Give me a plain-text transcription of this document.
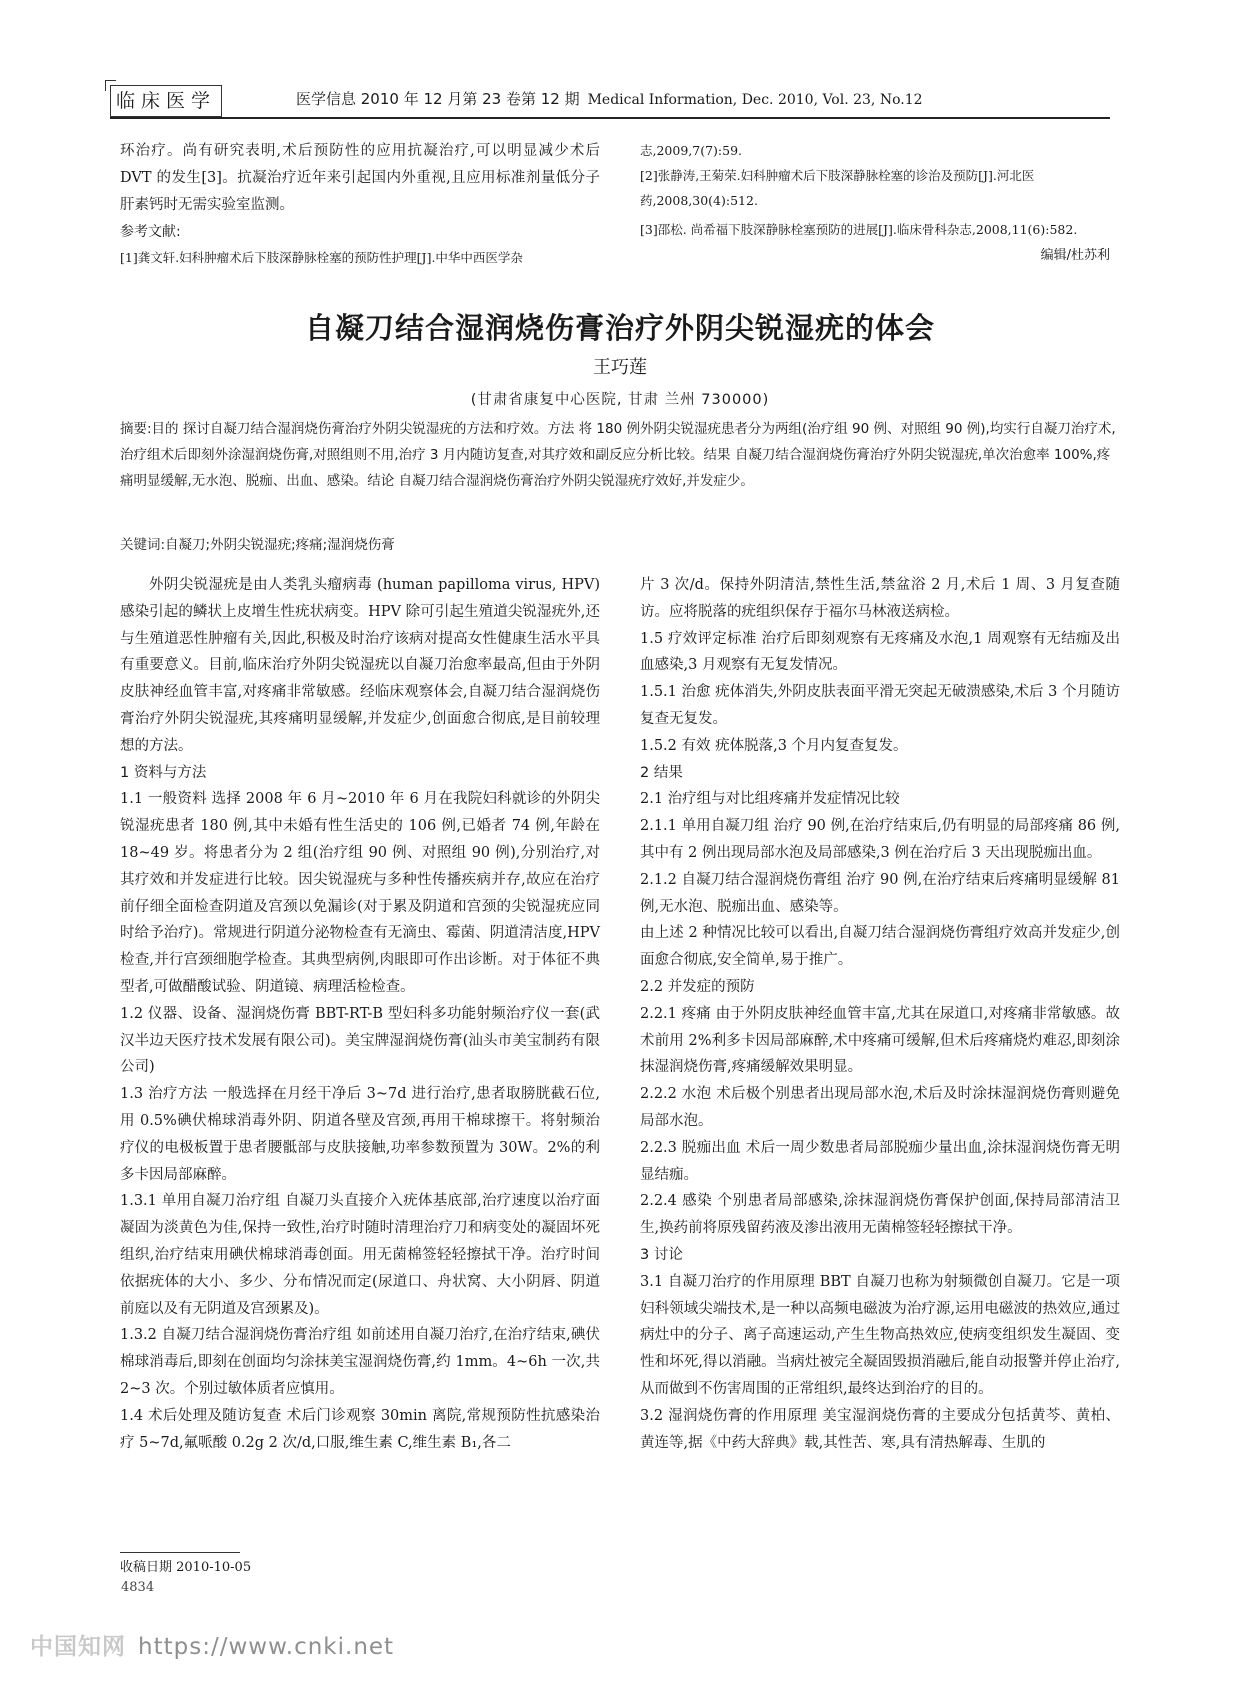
临床医学	医学信息 2010 年 12 月第 23 卷第 12 期 Medical Information, Dec. 2010, Vol. 23, No.12

环治疗。尚有研究表明,术后预防性的应用抗凝治疗,可以明显减少术后 DVT 的发生[3]。抗凝治疗近年来引起国内外重视,且应用标准剂量低分子肝素钙时无需实验室监测。

参考文献:
[1]龚文轩.妇科肿瘤术后下肢深静脉栓塞的预防性护理[J].中华中西医学杂
志,2009,7(7):59.
[2]张静涛,王菊荣.妇科肿瘤术后下肢深静脉栓塞的诊治及预防[J].河北医药,2008,30(4):512.
[3]邵松. 尚希福下肢深静脉栓塞预防的进展[J].临床骨科杂志,2008,11(6):582.
编辑/杜苏利
自凝刀结合湿润烧伤膏治疗外阴尖锐湿疣的体会
王巧莲
(甘肃省康复中心医院, 甘肃 兰州 730000)
摘要:目的 探讨自凝刀结合湿润烧伤膏治疗外阴尖锐湿疣的方法和疗效。方法 将 180 例外阴尖锐湿疣患者分为两组(治疗组 90 例、对照组 90 例),均实行自凝刀治疗术,治疗组术后即刻外涂湿润烧伤膏,对照组则不用,治疗 3 月内随访复查,对其疗效和副反应分析比较。结果 自凝刀结合湿润烧伤膏治疗外阴尖锐湿疣,单次治愈率 100%,疼痛明显缓解,无水泡、脱痂、出血、感染。结论 自凝刀结合湿润烧伤膏治疗外阴尖锐湿疣疗效好,并发症少。
关键词:自凝刀;外阴尖锐湿疣;疼痛;湿润烧伤膏

外阴尖锐湿疣是由人类乳头瘤病毒 (human papilloma virus, HPV)感染引起的鳞状上皮增生性疣状病变。HPV 除可引起生殖道尖锐湿疣外,还与生殖道恶性肿瘤有关,因此,积极及时治疗该病对提高女性健康生活水平具有重要意义。目前,临床治疗外阴尖锐湿疣以自凝刀治愈率最高,但由于外阴皮肤神经血管丰富,对疼痛非常敏感。经临床观察体会,自凝刀结合湿润烧伤膏治疗外阴尖锐湿疣,其疼痛明显缓解,并发症少,创面愈合彻底,是目前较理想的方法。

1 资料与方法

1.1 一般资料 选择 2008 年 6 月~2010 年 6 月在我院妇科就诊的外阴尖锐湿疣患者 180 例,其中未婚有性生活史的 106 例,已婚者 74 例,年龄在 18~49 岁。将患者分为 2 组(治疗组 90 例、对照组 90 例),分别治疗,对其疗效和并发症进行比较。因尖锐湿疣与多种性传播疾病并存,故应在治疗前仔细全面检查阴道及宫颈以免漏诊(对于累及阴道和宫颈的尖锐湿疣应同时给予治疗)。常规进行阴道分泌物检查有无滴虫、霉菌、阴道清洁度,HPV 检查,并行宫颈细胞学检查。其典型病例,肉眼即可作出诊断。对于体征不典型者,可做醋酸试验、阴道镜、病理活检检查。

1.2 仪器、设备、湿润烧伤膏 BBT-RT-B 型妇科多功能射频治疗仪一套(武汉半边天医疗技术发展有限公司)。美宝牌湿润烧伤膏(汕头市美宝制药有限公司)

1.3 治疗方法 一般选择在月经干净后 3~7d 进行治疗,患者取膀胱截石位,用 0.5%碘伏棉球消毒外阴、阴道各壁及宫颈,再用干棉球擦干。将射频治疗仪的电极板置于患者腰骶部与皮肤接触,功率参数预置为 30W。2%的利多卡因局部麻醉。

1.3.1 单用自凝刀治疗组 自凝刀头直接介入疣体基底部,治疗速度以治疗面凝固为淡黄色为佳,保持一致性,治疗时随时清理治疗刀和病变处的凝固坏死组织,治疗结束用碘伏棉球消毒创面。用无菌棉签轻轻擦拭干净。治疗时间依据疣体的大小、多少、分布情况而定(尿道口、舟状窝、大小阴唇、阴道前庭以及有无阴道及宫颈累及)。

1.3.2 自凝刀结合湿润烧伤膏治疗组 如前述用自凝刀治疗,在治疗结束,碘伏棉球消毒后,即刻在创面均匀涂抹美宝湿润烧伤膏,约 1mm。4~6h 一次,共 2~3 次。个别过敏体质者应慎用。

1.4 术后处理及随访复查 术后门诊观察 30min 离院,常规预防性抗感染治疗 5~7d,氟哌酸 0.2g 2 次/d,口服,维生素 C,维生素 B₁,各二

片 3 次/d。保持外阴清洁,禁性生活,禁盆浴 2 月,术后 1 周、3 月复查随访。应将脱落的疣组织保存于福尔马林液送病检。

1.5 疗效评定标准 治疗后即刻观察有无疼痛及水泡,1 周观察有无结痂及出血感染,3 月观察有无复发情况。

1.5.1 治愈 疣体消失,外阴皮肤表面平滑无突起无破溃感染,术后 3 个月随访复查无复发。

1.5.2 有效 疣体脱落,3 个月内复查复发。

2 结果

2.1 治疗组与对比组疼痛并发症情况比较

2.1.1 单用自凝刀组 治疗 90 例,在治疗结束后,仍有明显的局部疼痛 86 例,其中有 2 例出现局部水泡及局部感染,3 例在治疗后 3 天出现脱痂出血。

2.1.2 自凝刀结合湿润烧伤膏组 治疗 90 例,在治疗结束后疼痛明显缓解 81 例,无水泡、脱痂出血、感染等。

由上述 2 种情况比较可以看出,自凝刀结合湿润烧伤膏组疗效高并发症少,创面愈合彻底,安全简单,易于推广。

2.2 并发症的预防

2.2.1 疼痛 由于外阴皮肤神经血管丰富,尤其在尿道口,对疼痛非常敏感。故术前用 2%利多卡因局部麻醉,术中疼痛可缓解,但术后疼痛烧灼难忍,即刻涂抹湿润烧伤膏,疼痛缓解效果明显。

2.2.2 水泡 术后极个别患者出现局部水泡,术后及时涂抹湿润烧伤膏则避免局部水泡。

2.2.3 脱痂出血 术后一周少数患者局部脱痂少量出血,涂抹湿润烧伤膏无明显结痂。

2.2.4 感染 个别患者局部感染,涂抹湿润烧伤膏保护创面,保持局部清洁卫生,换药前将原残留药液及渗出液用无菌棉签轻轻擦拭干净。

3 讨论

3.1 自凝刀治疗的作用原理 BBT 自凝刀也称为射频微创自凝刀。它是一项妇科领域尖端技术,是一种以高频电磁波为治疗源,运用电磁波的热效应,通过病灶中的分子、离子高速运动,产生生物高热效应,使病变组织发生凝固、变性和坏死,得以消融。当病灶被完全凝固毁损消融后,能自动报警并停止治疗,从而做到不伤害周围的正常组织,最终达到治疗的目的。

3.2 湿润烧伤膏的作用原理 美宝湿润烧伤膏的主要成分包括黄芩、黄柏、黄连等,据《中药大辞典》载,其性苦、寒,具有清热解毒、生肌的

收稿日期 2010-10-05
4834
中国知网 https://www.cnki.net
